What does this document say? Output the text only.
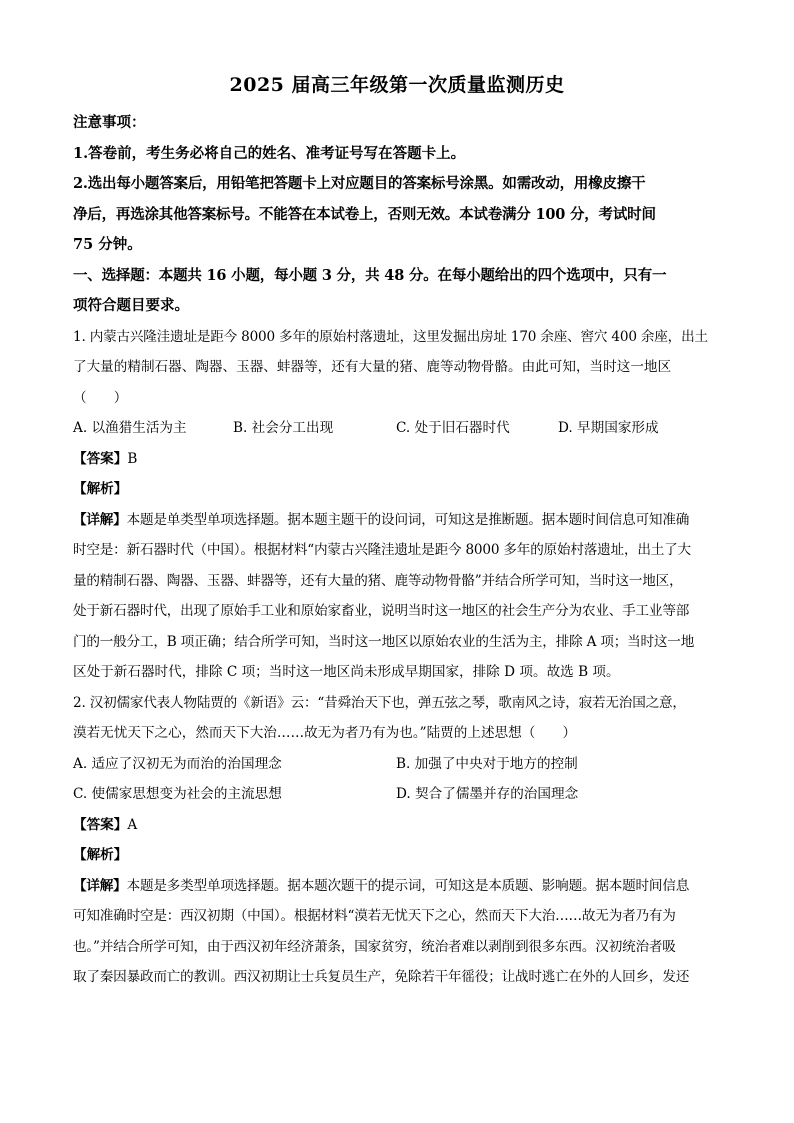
2025 届高三年级第一次质量监测历史
注意事项：
1.答卷前，考生务必将自己的姓名、准考证号写在答题卡上。
2.选出每小题答案后，用铅笔把答题卡上对应题目的答案标号涂黑。如需改动，用橡皮擦干
净后，再选涂其他答案标号。不能答在本试卷上，否则无效。本试卷满分 100 分，考试时间
75 分钟。
一、选择题：本题共 16 小题，每小题 3 分，共 48 分。在每小题给出的四个选项中，只有一
项符合题目要求。
1. 内蒙古兴隆洼遗址是距今 8000 多年的原始村落遗址，这里发掘出房址 170 余座、窖穴 400 余座，出土
了大量的精制石器、陶器、玉器、蚌器等，还有大量的猪、鹿等动物骨骼。由此可知，当时这一地区
（　　）
A. 以渔猎生活为主	B. 社会分工出现	C. 处于旧石器时代	D. 早期国家形成
【答案】B
【解析】
【详解】本题是单类型单项选择题。据本题主题干的设问词，可知这是推断题。据本题时间信息可知准确
时空是：新石器时代（中国）。根据材料“内蒙古兴隆洼遗址是距今 8000 多年的原始村落遗址，出土了大
量的精制石器、陶器、玉器、蚌器等，还有大量的猪、鹿等动物骨骼”并结合所学可知，当时这一地区，
处于新石器时代，出现了原始手工业和原始家畜业，说明当时这一地区的社会生产分为农业、手工业等部
门的一般分工，B 项正确；结合所学可知，当时这一地区以原始农业的生活为主，排除 A 项；当时这一地
区处于新石器时代，排除 C 项；当时这一地区尚未形成早期国家，排除 D 项。故选 B 项。
2. 汉初儒家代表人物陆贾的《新语》云：“昔舜治天下也，弹五弦之琴，歌南风之诗，寂若无治国之意，
漠若无忧天下之心，然而天下大治……故无为者乃有为也。”陆贾的上述思想（　　）
A. 适应了汉初无为而治的治国理念	B. 加强了中央对于地方的控制
C. 使儒家思想变为社会的主流思想	D. 契合了儒墨并存的治国理念
【答案】A
【解析】
【详解】本题是多类型单项选择题。据本题次题干的提示词，可知这是本质题、影响题。据本题时间信息
可知准确时空是：西汉初期（中国）。根据材料“漠若无忧天下之心，然而天下大治……故无为者乃有为
也。”并结合所学可知，由于西汉初年经济萧条，国家贫穷，统治者难以剥削到很多东西。汉初统治者吸
取了秦因暴政而亡的教训。西汉初期让士兵复员生产，免除若干年徭役；让战时逃亡在外的人回乡，发还
